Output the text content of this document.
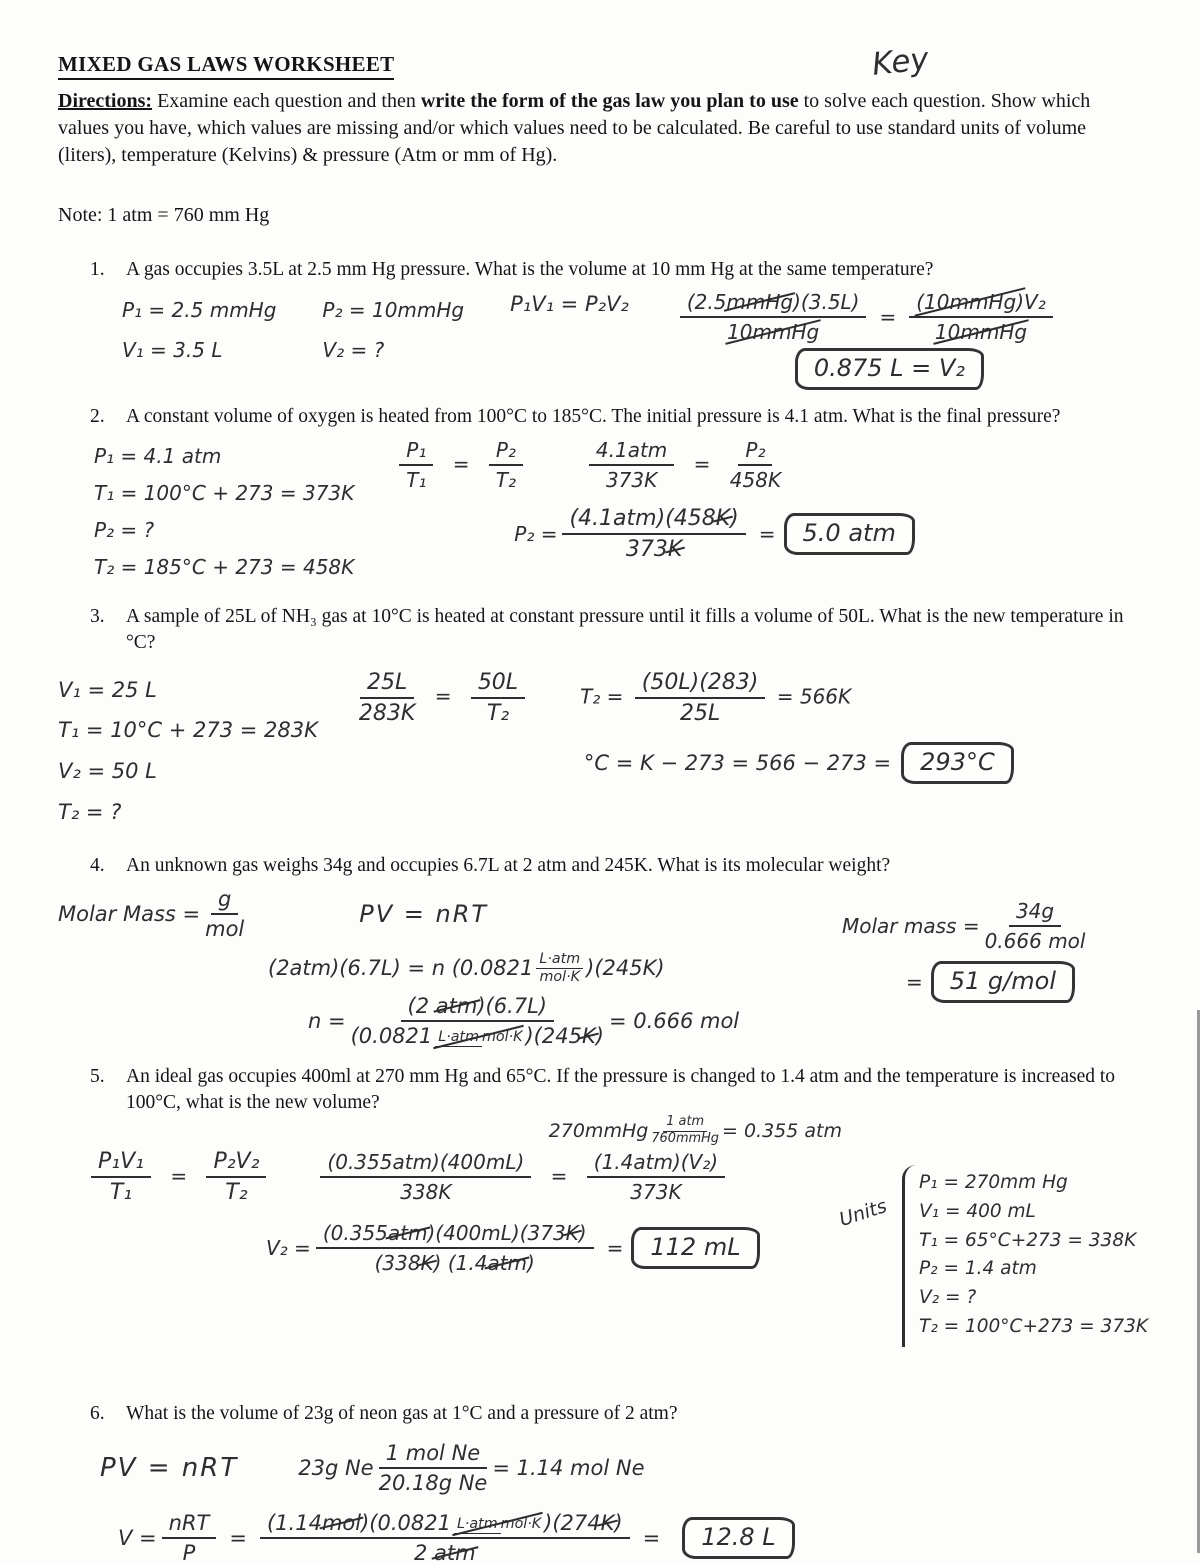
MIXED GAS LAWS WORKSHEET	Key

Directions: Examine each question and then write the form of the gas law you plan to use to solve each question. Show which values you have, which values are missing and/or which values need to be calculated. Be careful to use standard units of volume (liters), temperature (Kelvins) & pressure (Atm or mm of Hg).

Note: 1 atm = 760 mm Hg

1.	A gas occupies 3.5L at 2.5 mm Hg pressure. What is the volume at 10 mm Hg at the same temperature?
P₁ = 2.5 mmHg
V₁ = 3.5 L
P₂ = 10mmHg
V₂ = ?
P₁V₁ = P₂V₂	$\frac{\text{(2.5mmHg)(3.5L)}}{\text{10mmHg}} = \frac{\text{(10mmHg)V₂}}{\text{10mmHg}}$
0.875 L = V₂
2.	A constant volume of oxygen is heated from 100°C to 185°C. The initial pressure is 4.1 atm. What is the final pressure?
P₁ = 4.1 atm
T₁ = 100°C + 273 = 373K
P₂ = ?
T₂ = 185°C + 273 = 458K
$\frac{\text{P₁}}{\text{T₁}} = \frac{\text{P₂}}{\text{T₂}}$	$\frac{\text{4.1atm}}{373K} = \frac{\text{P₂}}{458K}$
$P_2 = \frac{\text{(4.1atm)(458K)}}{373K}$ =	5.0 atm
3.	A sample of 25L of NH₃ gas at 10°C is heated at constant pressure until it fills a volume of 50L. What is the new temperature in °C?
V₁ = 25 L
T₁ = 10°C + 273 = 283K
V₂ = 50 L
T₂ = ?
$\frac{25L}{283K} = \frac{50L}{\text{T₂}}$	$T_2 = \frac{(50L)(283)}{25L} = 566K$
°C = K − 273 = 566 − 273 =	293°C
4.	An unknown gas weighs 34g and occupies 6.7L at 2 atm and 245K. What is its molecular weight?
Molar Mass = $\frac{g}{\text{mol}}$	PV = nRT
(2atm)(6.7L) = n $(0.0821 \frac{\text{L·atm}}{\text{mol·K}} )(245K)$
$n = \frac{\text{(2 atm)(6.7L)}}{\text{(0.0821 L·atm mol·K )(245K)}} = 0.666$ mol
Molar mass = $\frac{34g}{\text{0.666 mol}}$
=	51 g/mol
5.	An ideal gas occupies 400ml at 270 mm Hg and 65°C. If the pressure is changed to 1.4 atm and the temperature is increased to 100°C, what is the new volume?
270mmHg $\frac{\text{1 atm}}{\text{760mmHg}} = 0.355$ atm
$\frac{\text{P₁V₁}}{\text{T₁}} = \frac{\text{P₂V₂}}{\text{T₂}}$	$\frac{\text{(0.355atm)(400mL)}}{338K} = \frac{\text{(1.4atm)(V₂)}}{373K}$
$V_2 = \frac{\text{(0.355atm)(400mL)(373K)}}{\text{(338K) (1.4atm)}}$ =	112 mL
Units
P₁ = 270mm Hg
V₁ = 400 mL
T₁ = 65°C+273 = 338K
P₂ = 1.4 atm
V₂ = ?
T₂ = 100°C+273 = 373K
6.	What is the volume of 23g of neon gas at 1°C and a pressure of 2 atm?
PV = nRT	23g Ne $\frac{\text{1 mol Ne}}{\text{20.18g Ne}} = 1.14$ mol Ne
$V = \frac{\text{nRT}}{P} = \frac{\text{(1.14mol)(0.0821 L·atm mol·K )(274K)}}{\text{2 atm}}$ =	12.8 L
